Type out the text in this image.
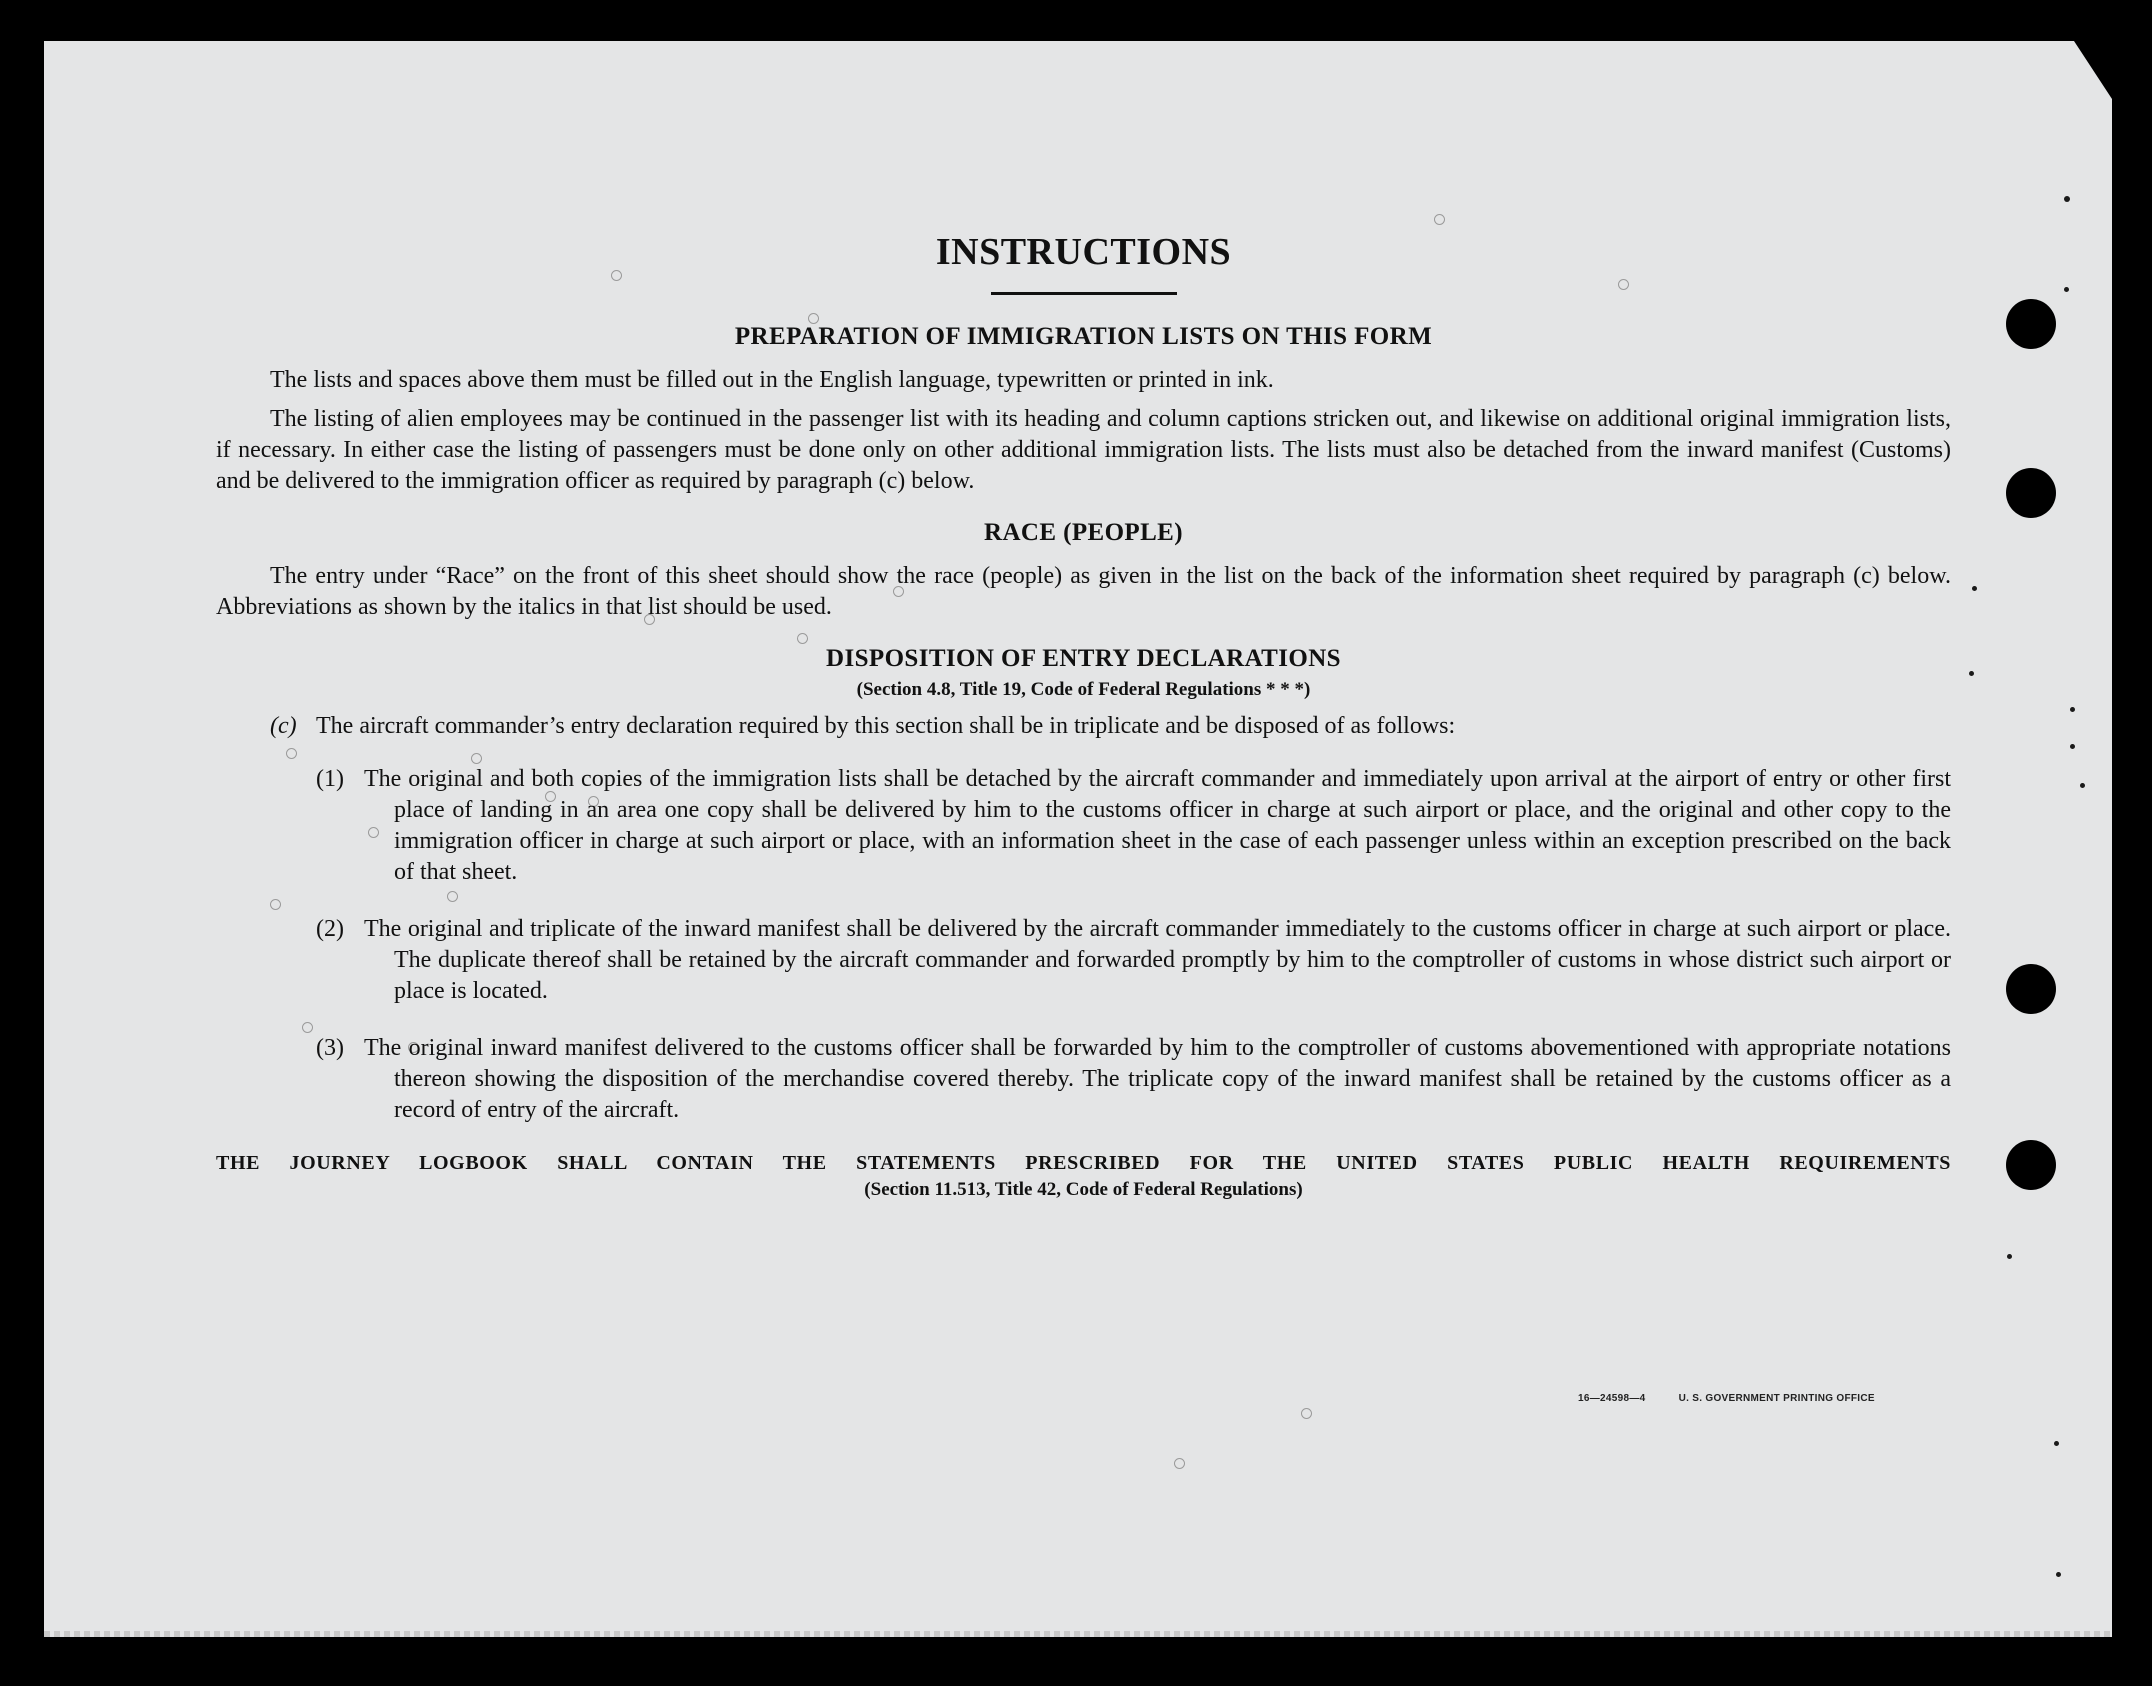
INSTRUCTIONS
PREPARATION OF IMMIGRATION LISTS ON THIS FORM

The lists and spaces above them must be filled out in the English language, typewritten or printed in ink.

The listing of alien employees may be continued in the passenger list with its heading and column captions stricken out, and likewise on additional original immigration lists, if necessary. In either case the listing of passengers must be done only on other additional immigration lists. The lists must also be detached from the inward manifest (Customs) and be delivered to the immigration officer as required by paragraph (c) below.

RACE (PEOPLE)

The entry under “Race” on the front of this sheet should show the race (people) as given in the list on the back of the information sheet required by paragraph (c) below. Abbreviations as shown by the italics in that list should be used.

DISPOSITION OF ENTRY DECLARATIONS
(Section 4.8, Title 19, Code of Federal Regulations * * *)
(c) The aircraft commander’s entry declaration required by this section shall be in triplicate and be disposed of as follows:
(1) The original and both copies of the immigration lists shall be detached by the aircraft commander and immediately upon arrival at the airport of entry or other first place of landing in an area one copy shall be delivered by him to the customs officer in charge at such airport or place, and the original and other copy to the immigration officer in charge at such airport or place, with an information sheet in the case of each passenger unless within an exception prescribed on the back of that sheet.
(2) The original and triplicate of the inward manifest shall be delivered by the aircraft commander immediately to the customs officer in charge at such airport or place. The duplicate thereof shall be retained by the aircraft commander and forwarded promptly by him to the comptroller of customs in whose district such airport or place is located.
(3) The original inward manifest delivered to the customs officer shall be forwarded by him to the comptroller of customs abovementioned with appropriate notations thereon showing the disposition of the merchandise covered thereby. The triplicate copy of the inward manifest shall be retained by the customs officer as a record of entry of the aircraft.
THE JOURNEY LOGBOOK SHALL CONTAIN THE STATEMENTS PRESCRIBED FOR THE UNITED STATES PUBLIC HEALTH REQUIREMENTS
(Section 11.513, Title 42, Code of Federal Regulations)
16—24598—4	U. S. GOVERNMENT PRINTING OFFICE
